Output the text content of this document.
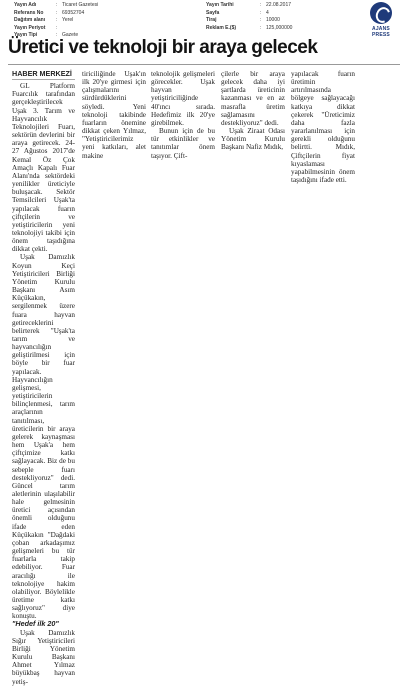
Yayın Adı	: Ticaret Gazetesi
Referans No	: 69352704
Dağıtım alanı	: Yerel
Yayın Periyot	:
Yayın Tipi	: Gazete
Yayın Tarihi	: 22.08.2017
Sayfa	: 4
Tiraj	: 10000
Reklam E.($)	: 125,000000	AJANS PRESS
Üretici ve teknoloji bir araya gelecek

HABER MERKEZİ

GL Platform Fuarcılık tarafından gerçekleştirilecek Uşak 3. Tarım ve Hayvancılık Teknolojileri Fuarı, sektörün devlerini bir araya getirecek. 24-27 Ağustos 2017'de Kemal Öz Çok Amaçlı Kapalı Fuar Alanı'nda sektördeki yenilikler üreticiyle buluşacak. Sektör Temsilcileri Uşak'ta yapılacak fuarın çiftçilerin ve yetiştiricilerin yeni teknolojiyi takibi için önem taşıdığına dikkat çekti.

Uşak Damızlık Koyun Keçi Yetiştiricileri Birliği Yönetim Kurulu Başkanı Asım Küçükakın, sergilenmek üzere fuara hayvan getireceklerini belirterek "Uşak'ta tarım ve hayvancılığın geliştirilmesi için böyle bir fuar yapılacak. Hayvancılığın gelişmesi, yetiştiricilerin bilinçlenmesi, tarım araçlarının tanıtılması, üreticilerin bir araya gelerek kaynaşması hem Uşak'a hem çiftçimize katkı sağlayacak. Biz de bu sebeple fuarı destekliyoruz" dedi. Güncel tarım aletlerinin ulaşılabilir hale gelmesinin üretici açısından önemli olduğunu ifade eden Küçükakın "Dağdaki çoban arkadaşımız gelişmeleri bu tür fuarlarla takip edebiliyor. Fuar aracılığı ile teknolojiye hakim olabiliyor. Böylelikle üretime katkı sağlıyoruz" diye konuştu.

"Hedef ilk 20"

Uşak Damızlık Sığır Yetiştiricileri Birliği Yönetim Kurulu Başkanı Ahmet Yılmaz büyükbaş hayvan yetiş-

tiriciliğinde Uşak'ın ilk 20'ye girmesi için çalışmalarını sürdürdüklerini söyledi. Yeni teknoloji takibinde fuarların önemine dikkat çeken Yılmaz, "Yetiştiricilerimiz yeni katkıları, alet makine

teknolojik gelişmeleri görecekler. Uşak hayvan yetiştiriciliğinde 40'ıncı sırada. Hedefimiz ilk 20'ye girebilmek.

Bunun için de bu tür etkinlikler ve tanıtımlar önem taşıyor. Çift-

çilerle bir araya gelecek daha iyi şartlarda üreticinin kazanması ve en az masrafla üretim sağlamasını destekliyoruz" dedi.

Uşak Ziraat Odası Yönetim Kurulu Başkanı Nafiz Mıdık,

yapılacak fuarın üretimin artırılmasında bölgeye sağlayacağı katkıya dikkat çekerek "Üreticimiz daha fazla yararlanılması için gerekli olduğunu belirtti. Mıdık, Çiftçilerin fiyat kıyaslaması yapabilmesinin önem taşıdığını ifade etti.
